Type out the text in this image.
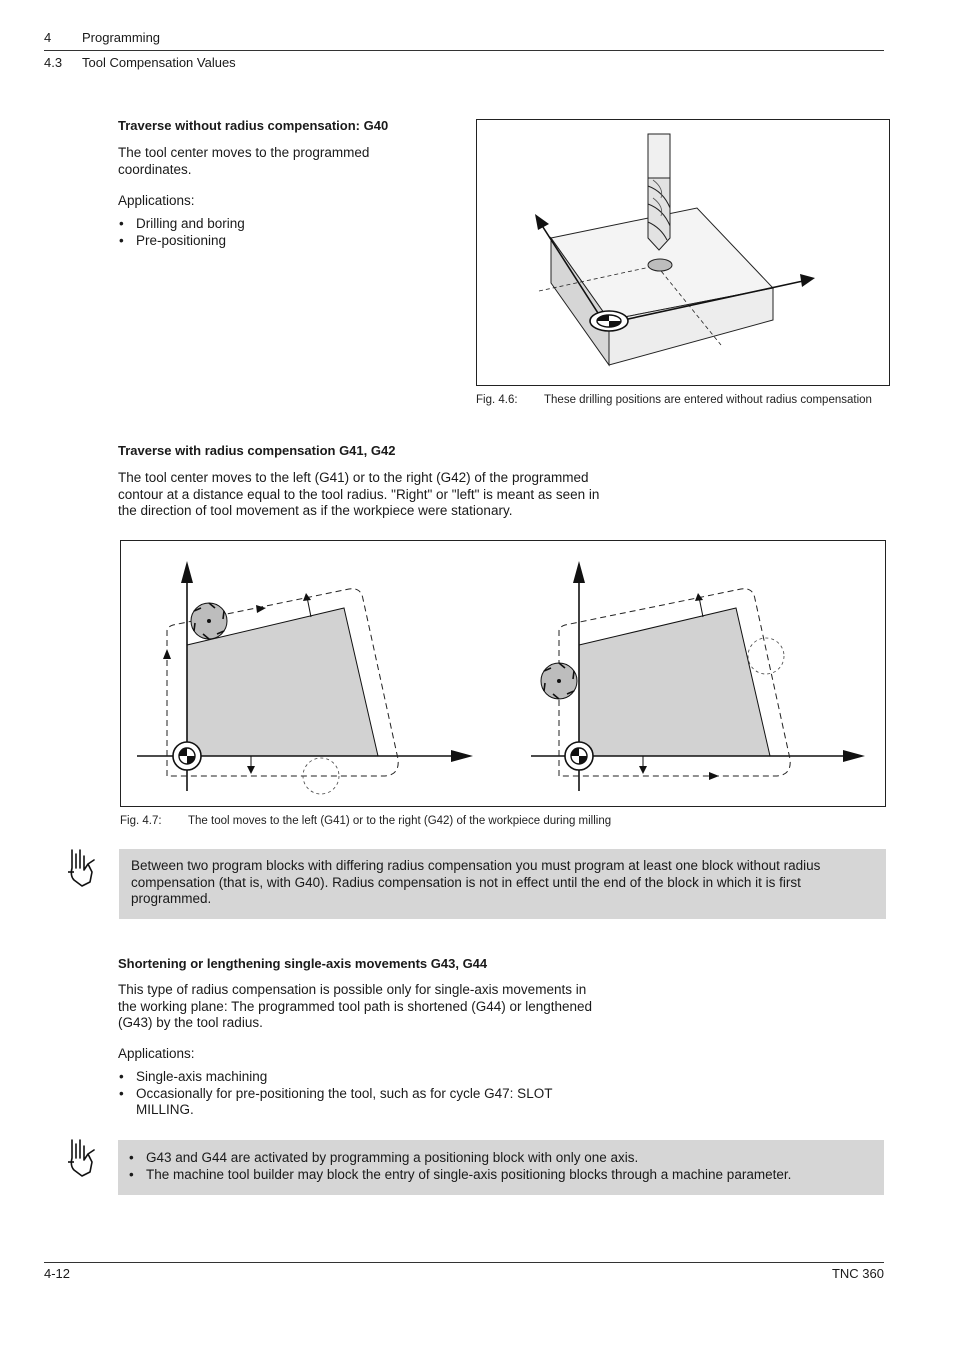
4 Programming
4.3 Tool Compensation Values
Traverse without radius compensation: G40

The tool center moves to the programmed coordinates.

Applications:

• Drilling and boring
• Pre-positioning
Fig. 4.6: These drilling positions are entered without radius compensation
Traverse with radius compensation G41, G42

The tool center moves to the left (G41) or to the right (G42) of the programmed contour at a distance equal to the tool radius. "Right" or "left" is meant as seen in the direction of tool movement as if the workpiece were stationary.

Fig. 4.7: The tool moves to the left (G41) or to the right (G42) of the workpiece during milling
Between two program blocks with differing radius compensation you must program at least one block without radius compensation (that is, with G40). Radius compensation is not in effect until the end of the block in which it is first programmed.
Shortening or lengthening single-axis movements G43, G44

This type of radius compensation is possible only for single-axis movements in the working plane: The programmed tool path is shortened (G44) or lengthened (G43) by the tool radius.

Applications:

• Single-axis machining
• Occasionally for pre-positioning the tool, such as for cycle G47: SLOT MILLING.
• G43 and G44 are activated by programming a positioning block with only one axis.
• The machine tool builder may block the entry of single-axis positioning blocks through a machine parameter.
4-12	TNC 360
